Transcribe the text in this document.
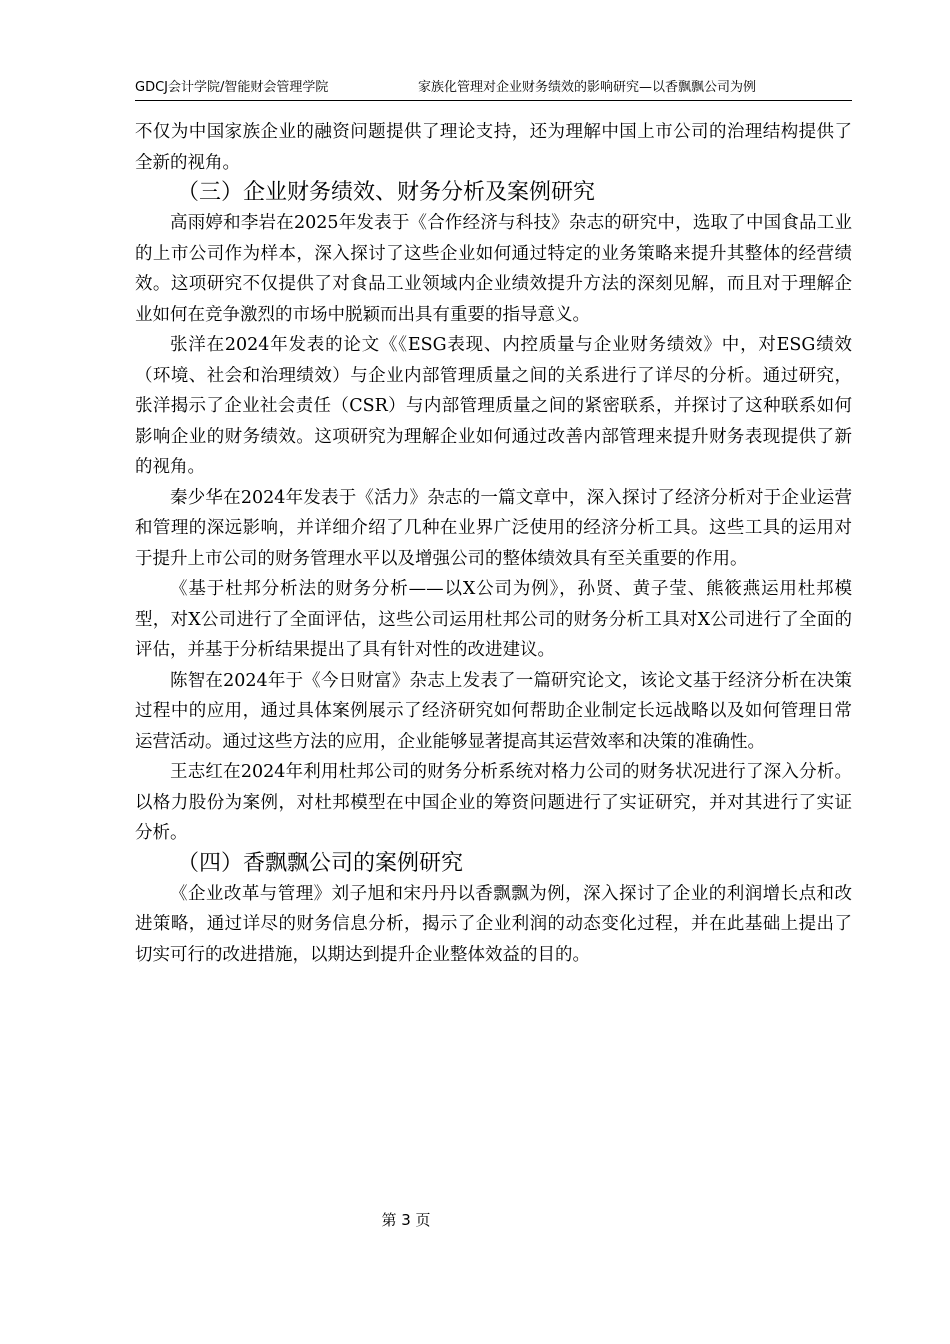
GDCJ会计学院/智能财会管理学院	家族化管理对企业财务绩效的影响研究—以香飘飘公司为例

不仅为中国家族企业的融资问题提供了理论支持，还为理解中国上市公司的治理结构提供了全新的视角。

（三）企业财务绩效、财务分析及案例研究

高雨婷和李岩在2025年发表于《合作经济与科技》杂志的研究中，选取了中国食品工业的上市公司作为样本，深入探讨了这些企业如何通过特定的业务策略来提升其整体的经营绩效。这项研究不仅提供了对食品工业领域内企业绩效提升方法的深刻见解，而且对于理解企业如何在竞争激烈的市场中脱颖而出具有重要的指导意义。

张洋在2024年发表的论文《《ESG表现、内控质量与企业财务绩效》中，对ESG绩效（环境、社会和治理绩效）与企业内部管理质量之间的关系进行了详尽的分析。通过研究，张洋揭示了企业社会责任（CSR）与内部管理质量之间的紧密联系，并探讨了这种联系如何影响企业的财务绩效。这项研究为理解企业如何通过改善内部管理来提升财务表现提供了新的视角。

秦少华在2024年发表于《活力》杂志的一篇文章中，深入探讨了经济分析对于企业运营和管理的深远影响，并详细介绍了几种在业界广泛使用的经济分析工具。这些工具的运用对于提升上市公司的财务管理水平以及增强公司的整体绩效具有至关重要的作用。

《基于杜邦分析法的财务分析——以X公司为例》，孙贤、黄子莹、熊筱燕运用杜邦模型，对X公司进行了全面评估，这些公司运用杜邦公司的财务分析工具对X公司进行了全面的评估，并基于分析结果提出了具有针对性的改进建议。

陈智在2024年于《今日财富》杂志上发表了一篇研究论文，该论文基于经济分析在决策过程中的应用，通过具体案例展示了经济研究如何帮助企业制定长远战略以及如何管理日常运营活动。通过这些方法的应用，企业能够显著提高其运营效率和决策的准确性。

王志红在2024年利用杜邦公司的财务分析系统对格力公司的财务状况进行了深入分析。以格力股份为案例，对杜邦模型在中国企业的筹资问题进行了实证研究，并对其进行了实证分析。

（四）香飘飘公司的案例研究

《企业改革与管理》刘子旭和宋丹丹以香飘飘为例，深入探讨了企业的利润增长点和改进策略，通过详尽的财务信息分析，揭示了企业利润的动态变化过程，并在此基础上提出了切实可行的改进措施，以期达到提升企业整体效益的目的。

第 3 页
